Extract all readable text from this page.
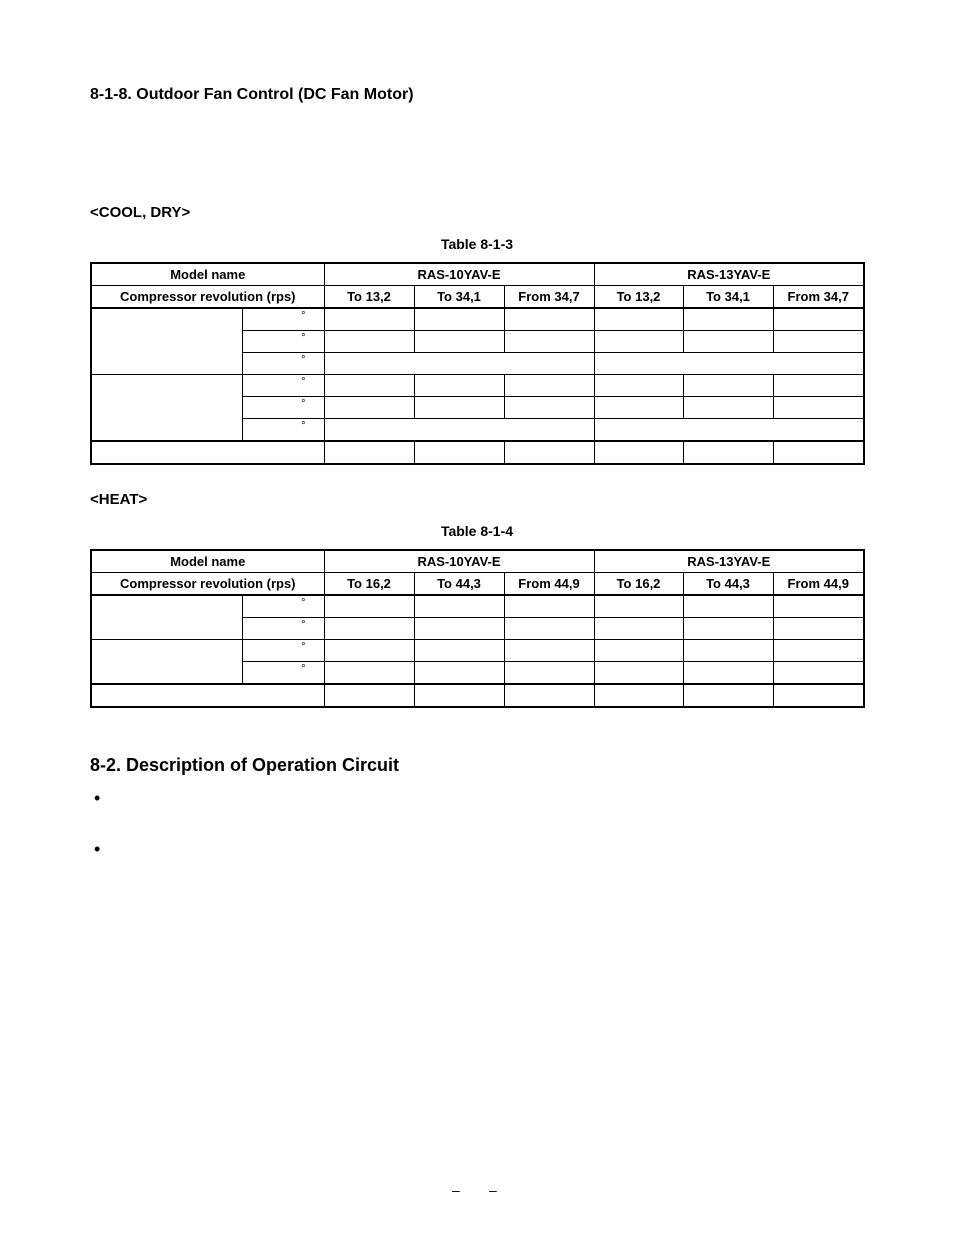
8-1-8. Outdoor Fan Control (DC Fan Motor)
<COOL, DRY>
Table 8-1-3
Model name		RAS-10YAV-E			RAS-13YAV-E		
Compressor revolution (rps)		To 13,2	To 34,1	From 34,7	To 13,2	To 34,1	From 34,7
	°						
	°						
	°						
	°						
	°						
	°						

<HEAT>
Table 8-1-4
Model name		RAS-10YAV-E			RAS-13YAV-E		
Compressor revolution (rps)		To 16,2	To 44,3	From 44,9	To 16,2	To 44,3	From 44,9
	°						
	°						
	°						
	°						

8-2. Description of Operation Circuit
•
•
– –
